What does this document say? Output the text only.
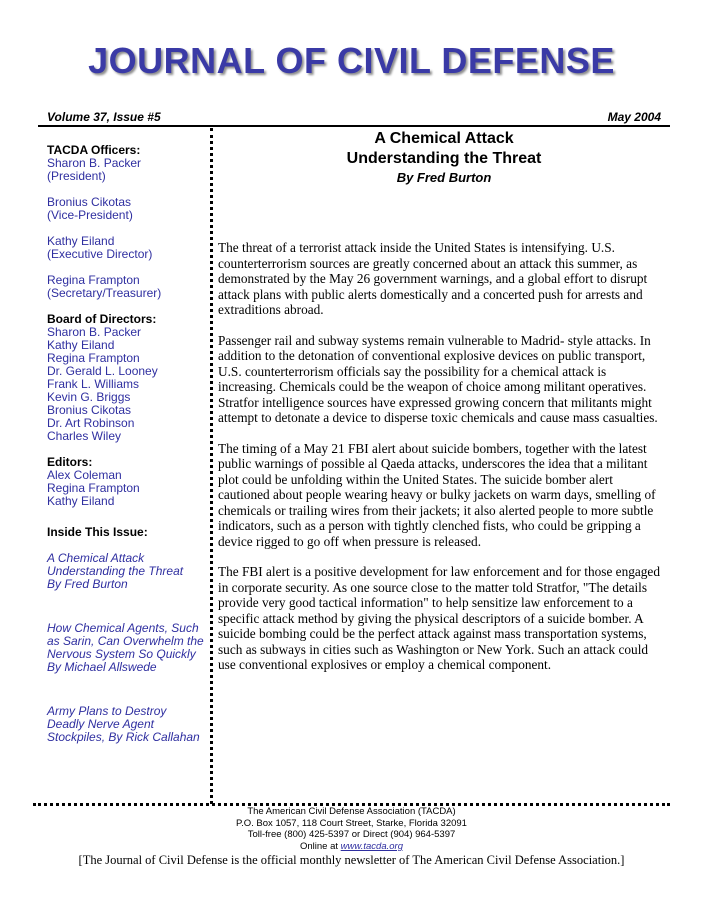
JOURNAL OF CIVIL DEFENSE
Volume 37, Issue #5	May 2004
TACDA Officers:
Sharon B. Packer
(President)
Bronius Cikotas
(Vice-President)
Kathy Eiland
(Executive Director)
Regina Frampton
(Secretary/Treasurer)
Board of Directors:
Sharon B. Packer
Kathy Eiland
Regina Frampton
Dr. Gerald L. Looney
Frank L. Williams
Kevin G. Briggs
Bronius Cikotas
Dr. Art Robinson
Charles Wiley
Editors:
Alex Coleman
Regina Frampton
Kathy Eiland
Inside This Issue:
A Chemical Attack
Understanding the Threat
By Fred Burton
How Chemical Agents, Such
as Sarin, Can Overwhelm the
Nervous System So Quickly
By Michael Allswede
Army Plans to Destroy
Deadly Nerve Agent
Stockpiles, By Rick Callahan
A Chemical Attack
Understanding the Threat
By Fred Burton

The threat of a terrorist attack inside the United States is intensifying. U.S. counterterrorism sources are greatly concerned about an attack this summer, as demonstrated by the May 26 government warnings, and a global effort to disrupt attack plans with public alerts domestically and a concerted push for arrests and extraditions abroad.

Passenger rail and subway systems remain vulnerable to Madrid- style attacks. In addition to the detonation of conventional explosive devices on public transport, U.S. counterterrorism officials say the possibility for a chemical attack is increasing. Chemicals could be the weapon of choice among militant operatives. Stratfor intelligence sources have expressed growing concern that militants might attempt to detonate a device to disperse toxic chemicals and cause mass casualties.

The timing of a May 21 FBI alert about suicide bombers, together with the latest public warnings of possible al Qaeda attacks, underscores the idea that a militant plot could be unfolding within the United States. The suicide bomber alert cautioned about people wearing heavy or bulky jackets on warm days, smelling of chemicals or trailing wires from their jackets; it also alerted people to more subtle indicators, such as a person with tightly clenched fists, who could be gripping a device rigged to go off when pressure is released.

The FBI alert is a positive development for law enforcement and for those engaged in corporate security. As one source close to the matter told Stratfor, "The details provide very good tactical information" to help sensitize law enforcement to a specific attack method by giving the physical descriptors of a suicide bomber. A suicide bombing could be the perfect attack against mass transportation systems, such as subways in cities such as Washington or New York. Such an attack could use conventional explosives or employ a chemical component.

The American Civil Defense Association (TACDA)
P.O. Box 1057, 118 Court Street, Starke, Florida 32091
Toll-free (800) 425-5397 or Direct (904) 964-5397
Online at www.tacda.org
[The Journal of Civil Defense is the official monthly newsletter of The American Civil Defense Association.]
